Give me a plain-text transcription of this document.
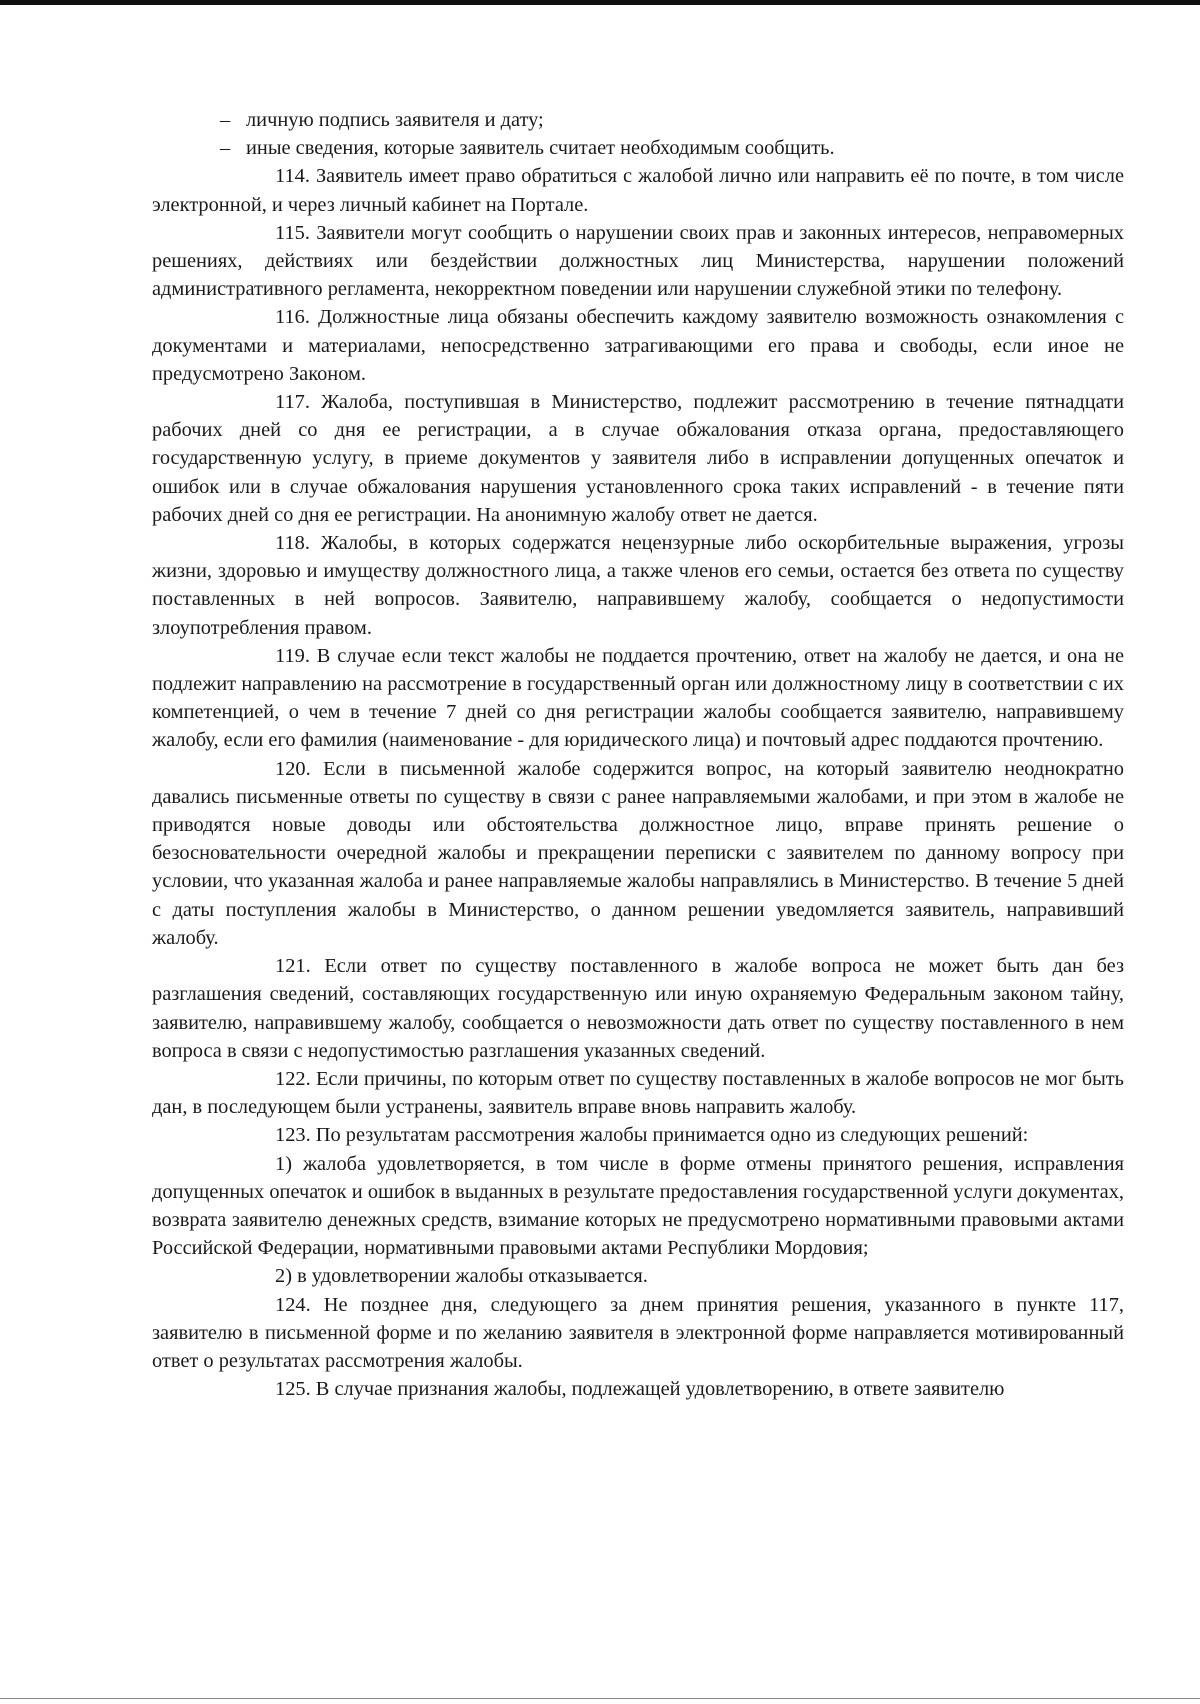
– личную подпись заявителя и дату;

– иные сведения, которые заявитель считает необходимым сообщить.

114. Заявитель имеет право обратиться с жалобой лично или направить её по почте, в том числе электронной, и через личный кабинет на Портале.

115. Заявители могут сообщить о нарушении своих прав и законных интересов, неправомерных решениях, действиях или бездействии должностных лиц Министерства, нарушении положений административного регламента, некорректном поведении или нарушении служебной этики по телефону.

116. Должностные лица обязаны обеспечить каждому заявителю возможность ознакомления с документами и материалами, непосредственно затрагивающими его права и свободы, если иное не предусмотрено Законом.

117. Жалоба, поступившая в Министерство, подлежит рассмотрению в течение пятнадцати рабочих дней со дня ее регистрации, а в случае обжалования отказа органа, предоставляющего государственную услугу, в приеме документов у заявителя либо в исправлении допущенных опечаток и ошибок или в случае обжалования нарушения установленного срока таких исправлений - в течение пяти рабочих дней со дня ее регистрации. На анонимную жалобу ответ не дается.

118. Жалобы, в которых содержатся нецензурные либо оскорбительные выражения, угрозы жизни, здоровью и имуществу должностного лица, а также членов его семьи, остается без ответа по существу поставленных в ней вопросов. Заявителю, направившему жалобу, сообщается о недопустимости злоупотребления правом.

119. В случае если текст жалобы не поддается прочтению, ответ на жалобу не дается, и она не подлежит направлению на рассмотрение в государственный орган или должностному лицу в соответствии с их компетенцией, о чем в течение 7 дней со дня регистрации жалобы сообщается заявителю, направившему жалобу, если его фамилия (наименование - для юридического лица) и почтовый адрес поддаются прочтению.

120. Если в письменной жалобе содержится вопрос, на который заявителю неоднократно давались письменные ответы по существу в связи с ранее направляемыми жалобами, и при этом в жалобе не приводятся новые доводы или обстоятельства должностное лицо, вправе принять решение о безосновательности очередной жалобы и прекращении переписки с заявителем по данному вопросу при условии, что указанная жалоба и ранее направляемые жалобы направлялись в Министерство. В течение 5 дней с даты поступления жалобы в Министерство, о данном решении уведомляется заявитель, направивший жалобу.

121. Если ответ по существу поставленного в жалобе вопроса не может быть дан без разглашения сведений, составляющих государственную или иную охраняемую Федеральным законом тайну, заявителю, направившему жалобу, сообщается о невозможности дать ответ по существу поставленного в нем вопроса в связи с недопустимостью разглашения указанных сведений.

122. Если причины, по которым ответ по существу поставленных в жалобе вопросов не мог быть дан, в последующем были устранены, заявитель вправе вновь направить жалобу.

123. По результатам рассмотрения жалобы принимается одно из следующих решений:

1) жалоба удовлетворяется, в том числе в форме отмены принятого решения, исправления допущенных опечаток и ошибок в выданных в результате предоставления государственной услуги документах, возврата заявителю денежных средств, взимание которых не предусмотрено нормативными правовыми актами Российской Федерации, нормативными правовыми актами Республики Мордовия;

2) в удовлетворении жалобы отказывается.

124. Не позднее дня, следующего за днем принятия решения, указанного в пункте 117, заявителю в письменной форме и по желанию заявителя в электронной форме направляется мотивированный ответ о результатах рассмотрения жалобы.

125. В случае признания жалобы, подлежащей удовлетворению, в ответе заявителю
